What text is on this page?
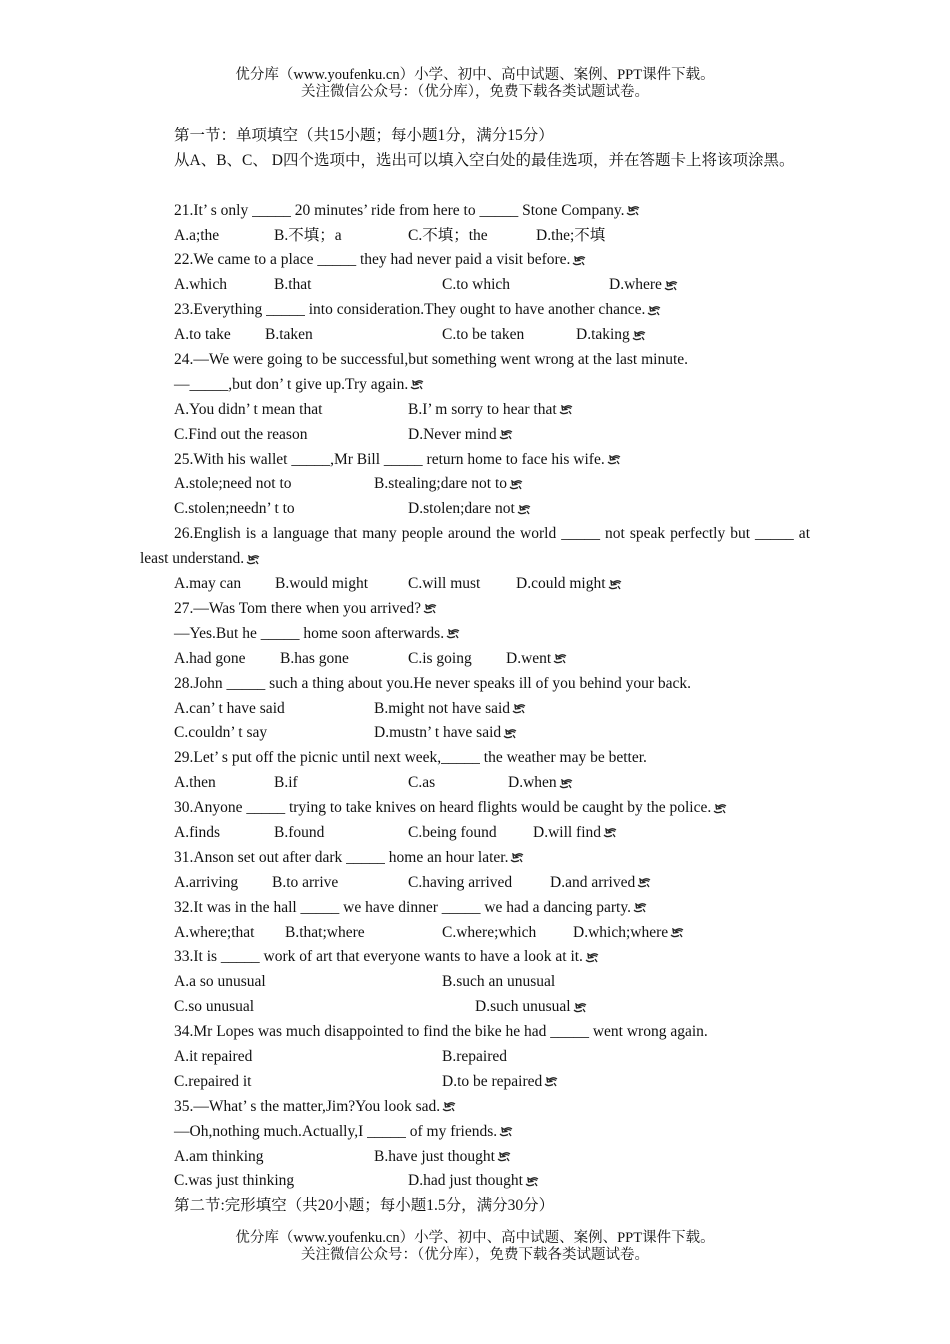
优分库（www.youfenku.cn）小学、初中、高中试题、案例、PPT课件下载。
关注微信公众号：（优分库），免费下载各类试题试卷。
第一节：单项填空（共15小题；每小题1分，满分15分）
从A、B、C、 D四个选项中，选出可以填入空白处的最佳选项，并在答题卡上将该项涂黑。
21.It’ s only _____ 20 minutes’ ride from here to _____ Stone Company.
A.a;the	B.不填；a	C.不填；the	D.the;不填
22.We came to a place _____ they had never paid a visit before.
A.which	B.that	C.to which	D.where
23.Everything _____ into consideration.They ought to have another chance.
A.to take B.taken	C.to be taken	D.taking
24.—We were going to be successful,but something went wrong at the last minute.
—_____,but don’ t give up.Try again.
A.You didn’ t mean that	B.I’ m sorry to hear that
C.Find out the reason	D.Never mind
25.With his wallet _____,Mr Bill _____ return home to face his wife.
A.stole;need not to	B.stealing;dare not to
C.stolen;needn’ t to	D.stolen;dare not
26.English is a language that many people around the world _____ not speak perfectly but _____ at least understand.
A.may can B.would might	C.will must D.could might
27.—Was Tom there when you arrived?
—Yes.But he _____ home soon afterwards.
A.had gone B.has gone	C.is going D.went
28.John _____ such a thing about you.He never speaks ill of you behind your back.
A.can’ t have said	B.might not have said
C.couldn’ t say	D.mustn’ t have said
29.Let’ s put off the picnic until next week,_____ the weather may be better.
A.then	B.if	C.as	D.when
30.Anyone _____ trying to take knives on heard flights would be caught by the police.
A.finds	B.found	C.being found D.will find
31.Anson set out after dark _____ home an hour later.
A.arriving B.to arrive	C.having arrived D.and arrived
32.It was in the hall _____ we have dinner _____ we had a dancing party.
A.where;that B.that;where	C.where;which D.which;where
33.It is _____ work of art that everyone wants to have a look at it.
A.a so unusual	B.such an unusual
C.so unusual	D.such unusual
34.Mr Lopes was much disappointed to find the bike he had _____ went wrong again.
A.it repaired	B.repaired
C.repaired it	D.to be repaired
35.—What’ s the matter,Jim?You look sad.
—Oh,nothing much.Actually,I _____ of my friends.
A.am thinking	B.have just thought
C.was just thinking	D.had just thought
第二节:完形填空（共20小题；每小题1.5分，满分30分）
优分库（www.youfenku.cn）小学、初中、高中试题、案例、PPT课件下载。
关注微信公众号：（优分库），免费下载各类试题试卷。
